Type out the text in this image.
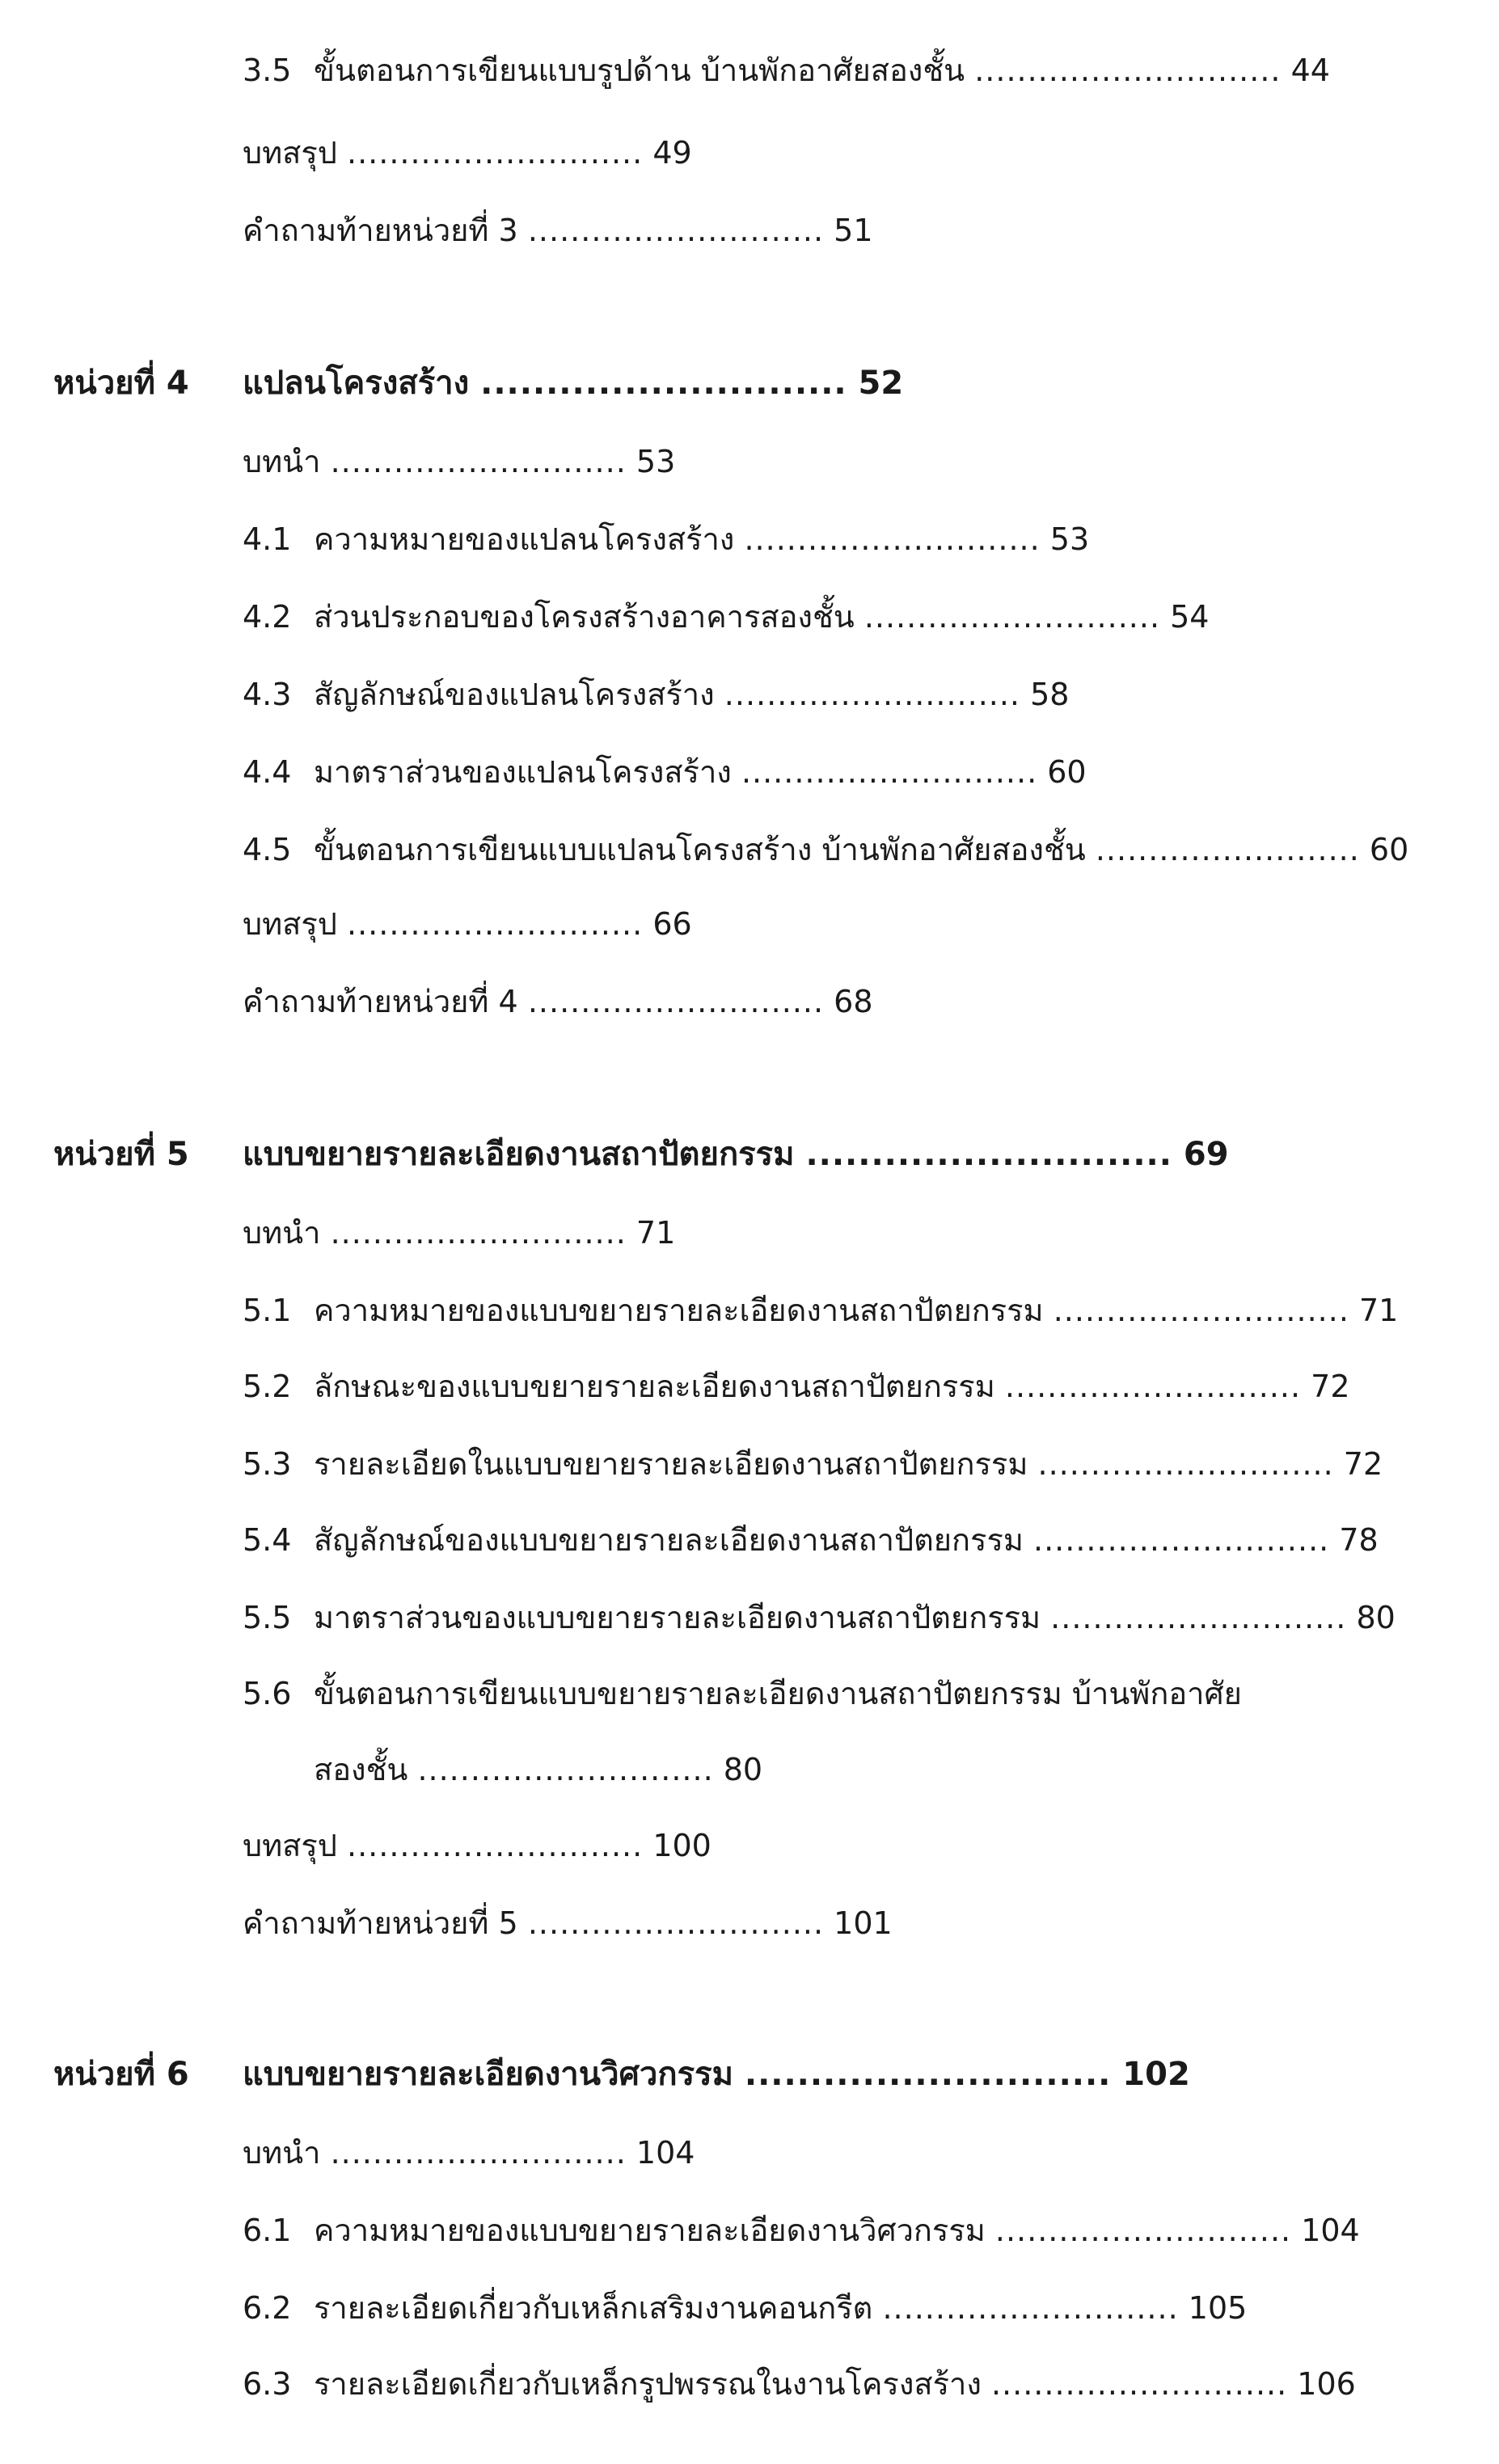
3.5 ขั้นตอนการเขียนแบบรูปด้าน บ้านพักอาศัยสองชั้น ............................. 44
บทสรุป ............................ 49
คำถามท้ายหน่วยที่ 3 ............................ 51
หน่วยที่ 4 แปลนโครงสร้าง ............................ 52
บทนำ ............................ 53
4.1 ความหมายของแปลนโครงสร้าง ............................ 53
4.2 ส่วนประกอบของโครงสร้างอาคารสองชั้น ............................ 54
4.3 สัญลักษณ์ของแปลนโครงสร้าง ............................ 58
4.4 มาตราส่วนของแปลนโครงสร้าง ............................ 60
4.5 ขั้นตอนการเขียนแบบแปลนโครงสร้าง บ้านพักอาศัยสองชั้น ......................... 60
บทสรุป ............................ 66
คำถามท้ายหน่วยที่ 4 ............................ 68
หน่วยที่ 5 แบบขยายรายละเอียดงานสถาปัตยกรรม ............................ 69
บทนำ ............................ 71
5.1 ความหมายของแบบขยายรายละเอียดงานสถาปัตยกรรม ............................ 71
5.2 ลักษณะของแบบขยายรายละเอียดงานสถาปัตยกรรม ............................ 72
5.3 รายละเอียดในแบบขยายรายละเอียดงานสถาปัตยกรรม ............................ 72
5.4 สัญลักษณ์ของแบบขยายรายละเอียดงานสถาปัตยกรรม ............................ 78
5.5 มาตราส่วนของแบบขยายรายละเอียดงานสถาปัตยกรรม ............................ 80
5.6 ขั้นตอนการเขียนแบบขยายรายละเอียดงานสถาปัตยกรรม บ้านพักอาศัย
สองชั้น ............................ 80
บทสรุป ............................ 100
คำถามท้ายหน่วยที่ 5 ............................ 101
หน่วยที่ 6 แบบขยายรายละเอียดงานวิศวกรรม ............................ 102
บทนำ ............................ 104
6.1 ความหมายของแบบขยายรายละเอียดงานวิศวกรรม ............................ 104
6.2 รายละเอียดเกี่ยวกับเหล็กเสริมงานคอนกรีต ............................ 105
6.3 รายละเอียดเกี่ยวกับเหล็กรูปพรรณในงานโครงสร้าง ............................ 106
